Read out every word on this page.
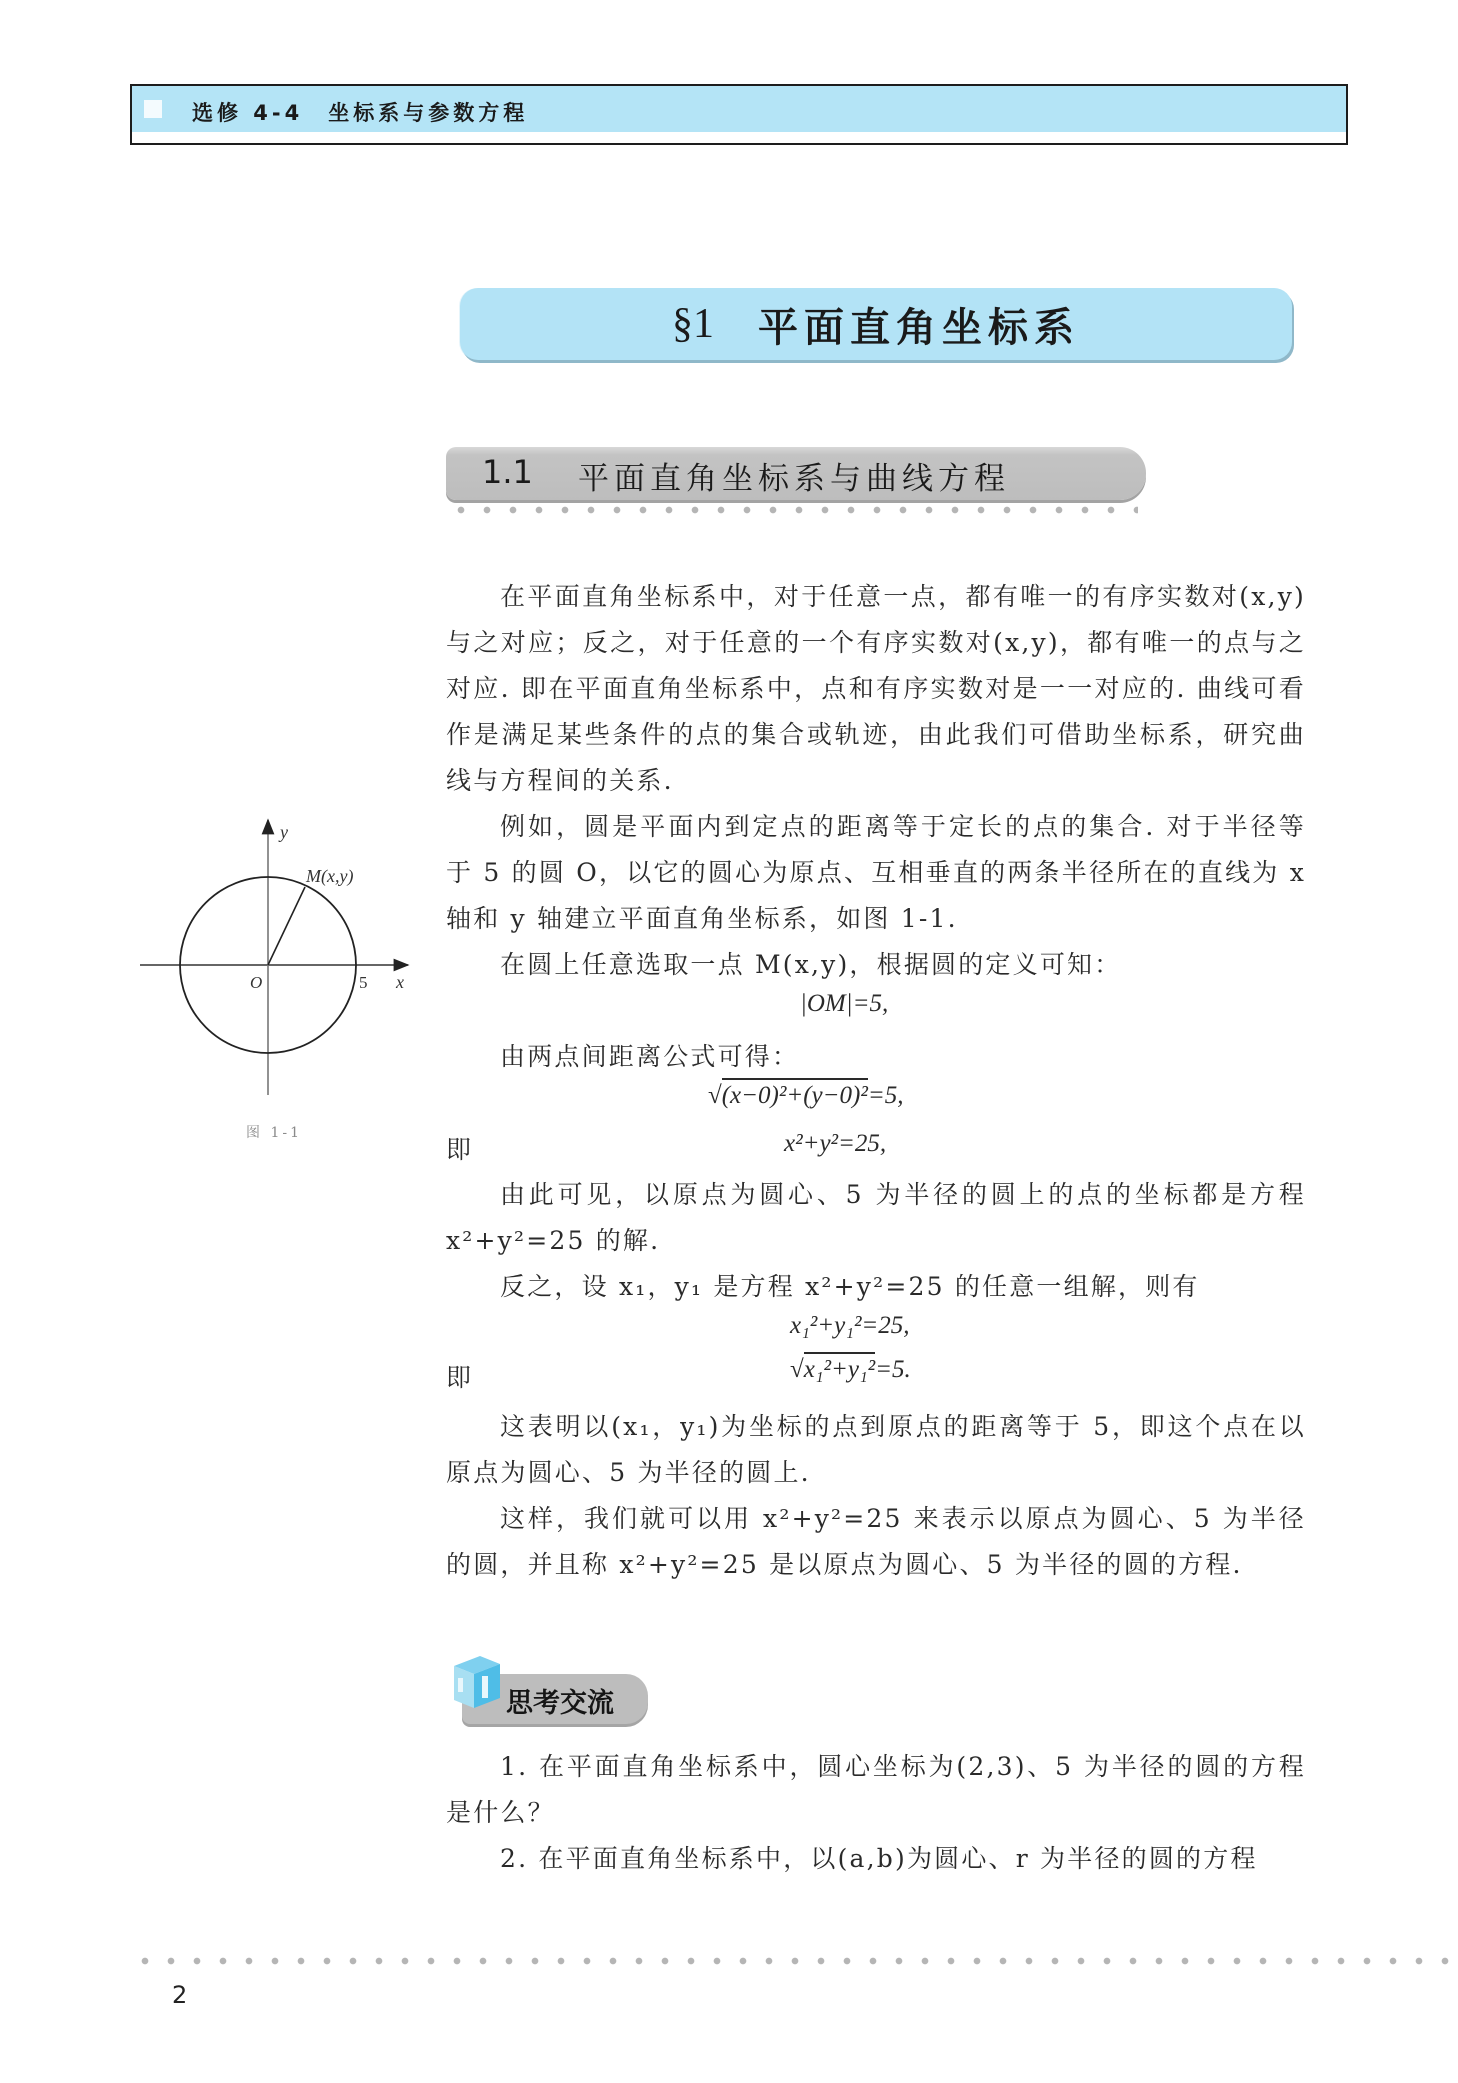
选修 4-4　坐标系与参数方程
§1 平面直角坐标系
1.1 平面直角坐标系与曲线方程
在平面直角坐标系中，对于任意一点，都有唯一的有序实数对(x,y)与之对应；反之，对于任意的一个有序实数对(x,y)，都有唯一的点与之对应. 即在平面直角坐标系中，点和有序实数对是一一对应的. 曲线可看作是满足某些条件的点的集合或轨迹，由此我们可借助坐标系，研究曲线与方程间的关系.
例如，圆是平面内到定点的距离等于定长的点的集合. 对于半径等于 5 的圆 O，以它的圆心为原点、互相垂直的两条半径所在的直线为 x 轴和 y 轴建立平面直角坐标系，如图 1-1.
在圆上任意选取一点 M(x,y)，根据圆的定义可知：
|OM|=5,
由两点间距离公式可得：
√(x−0)²+(y−0)²=5,
即	x²+y²=25,
由此可见，以原点为圆心、5 为半径的圆上的点的坐标都是方程 x²+y²=25 的解.
反之，设 x₁，y₁ 是方程 x²+y²=25 的任意一组解，则有
x₁²+y₁²=25,
即	√x₁²+y₁²=5.
这表明以(x₁，y₁)为坐标的点到原点的距离等于 5，即这个点在以原点为圆心、5 为半径的圆上.
这样，我们就可以用 x²+y²=25 来表示以原点为圆心、5 为半径的圆，并且称 x²+y²=25 是以原点为圆心、5 为半径的圆的方程.
y
x
O	5
M(x,y)
图 1-1
思考交流
1. 在平面直角坐标系中，圆心坐标为(2,3)、5 为半径的圆的方程是什么？
2. 在平面直角坐标系中，以(a,b)为圆心、r 为半径的圆的方程
2
